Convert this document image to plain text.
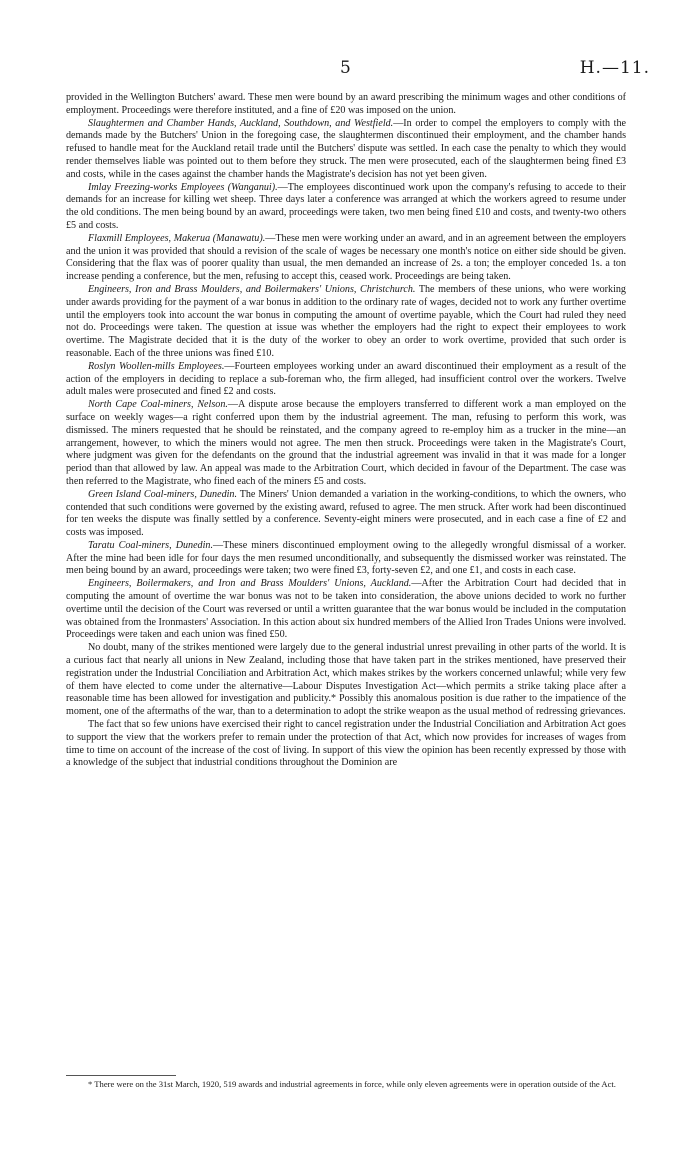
5	H.—11.

provided in the Wellington Butchers' award. These men were bound by an award prescribing the minimum wages and other conditions of employment. Proceedings were therefore instituted, and a fine of £20 was imposed on the union.

Slaughtermen and Chamber Hands, Auckland, Southdown, and Westfield.—In order to compel the employers to comply with the demands made by the Butchers' Union in the foregoing case, the slaughtermen discontinued their employment, and the chamber hands refused to handle meat for the Auckland retail trade until the Butchers' dispute was settled. In each case the penalty to which they would render themselves liable was pointed out to them before they struck. The men were prosecuted, each of the slaughtermen being fined £3 and costs, while in the cases against the chamber hands the Magistrate's decision has not yet been given.

Imlay Freezing-works Employees (Wanganui).—The employees discontinued work upon the company's refusing to accede to their demands for an increase for killing wet sheep. Three days later a conference was arranged at which the workers agreed to resume under the old conditions. The men being bound by an award, proceedings were taken, two men being fined £10 and costs, and twenty-two others £5 and costs.

Flaxmill Employees, Makerua (Manawatu).—These men were working under an award, and in an agreement between the employers and the union it was provided that should a revision of the scale of wages be necessary one month's notice on either side should be given. Considering that the flax was of poorer quality than usual, the men demanded an increase of 2s. a ton; the employer conceded 1s. a ton increase pending a conference, but the men, refusing to accept this, ceased work. Proceedings are being taken.

Engineers, Iron and Brass Moulders, and Boilermakers' Unions, Christchurch. The members of these unions, who were working under awards providing for the payment of a war bonus in addition to the ordinary rate of wages, decided not to work any further overtime until the employers took into account the war bonus in computing the amount of overtime payable, which the Court had ruled they need not do. Proceedings were taken. The question at issue was whether the employers had the right to expect their employees to work overtime. The Magistrate decided that it is the duty of the worker to obey an order to work overtime, provided that such order is reasonable. Each of the three unions was fined £10.

Roslyn Woollen-mills Employees.—Fourteen employees working under an award discontinued their employment as a result of the action of the employers in deciding to replace a sub-foreman who, the firm alleged, had insufficient control over the workers. Twelve adult males were prosecuted and fined £2 and costs.

North Cape Coal-miners, Nelson.—A dispute arose because the employers transferred to different work a man employed on the surface on weekly wages—a right conferred upon them by the industrial agreement. The man, refusing to perform this work, was dismissed. The miners requested that he should be reinstated, and the company agreed to re-employ him as a trucker in the mine—an arrangement, however, to which the miners would not agree. The men then struck. Proceedings were taken in the Magistrate's Court, where judgment was given for the defendants on the ground that the industrial agreement was invalid in that it was made for a longer period than that allowed by law. An appeal was made to the Arbitration Court, which decided in favour of the Department. The case was then referred to the Magistrate, who fined each of the miners £5 and costs.

Green Island Coal-miners, Dunedin. The Miners' Union demanded a variation in the working-conditions, to which the owners, who contended that such conditions were governed by the existing award, refused to agree. The men struck. After work had been discontinued for ten weeks the dispute was finally settled by a conference. Seventy-eight miners were prosecuted, and in each case a fine of £2 and costs was imposed.

Taratu Coal-miners, Dunedin.—These miners discontinued employment owing to the allegedly wrongful dismissal of a worker. After the mine had been idle for four days the men resumed unconditionally, and subsequently the dismissed worker was reinstated. The men being bound by an award, proceedings were taken; two were fined £3, forty-seven £2, and one £1, and costs in each case.

Engineers, Boilermakers, and Iron and Brass Moulders' Unions, Auckland.—After the Arbitration Court had decided that in computing the amount of overtime the war bonus was not to be taken into consideration, the above unions decided to work no further overtime until the decision of the Court was reversed or until a written guarantee that the war bonus would be included in the computation was obtained from the Ironmasters' Association. In this action about six hundred members of the Allied Iron Trades Unions were involved. Proceedings were taken and each union was fined £50.

No doubt, many of the strikes mentioned were largely due to the general industrial unrest prevailing in other parts of the world. It is a curious fact that nearly all unions in New Zealand, including those that have taken part in the strikes mentioned, have preserved their registration under the Industrial Conciliation and Arbitration Act, which makes strikes by the workers concerned unlawful; while very few of them have elected to come under the alternative—Labour Disputes Investigation Act—which permits a strike taking place after a reasonable time has been allowed for investigation and publicity.* Possibly this anomalous position is due rather to the impatience of the moment, one of the aftermaths of the war, than to a determination to adopt the strike weapon as the usual method of redressing grievances.

The fact that so few unions have exercised their right to cancel registration under the Industrial Conciliation and Arbitration Act goes to support the view that the workers prefer to remain under the protection of that Act, which now provides for increases of wages from time to time on account of the increase of the cost of living. In support of this view the opinion has been recently expressed by those with a knowledge of the subject that industrial conditions throughout the Dominion are

* There were on the 31st March, 1920, 519 awards and industrial agreements in force, while only eleven agreements were in operation outside of the Act.
